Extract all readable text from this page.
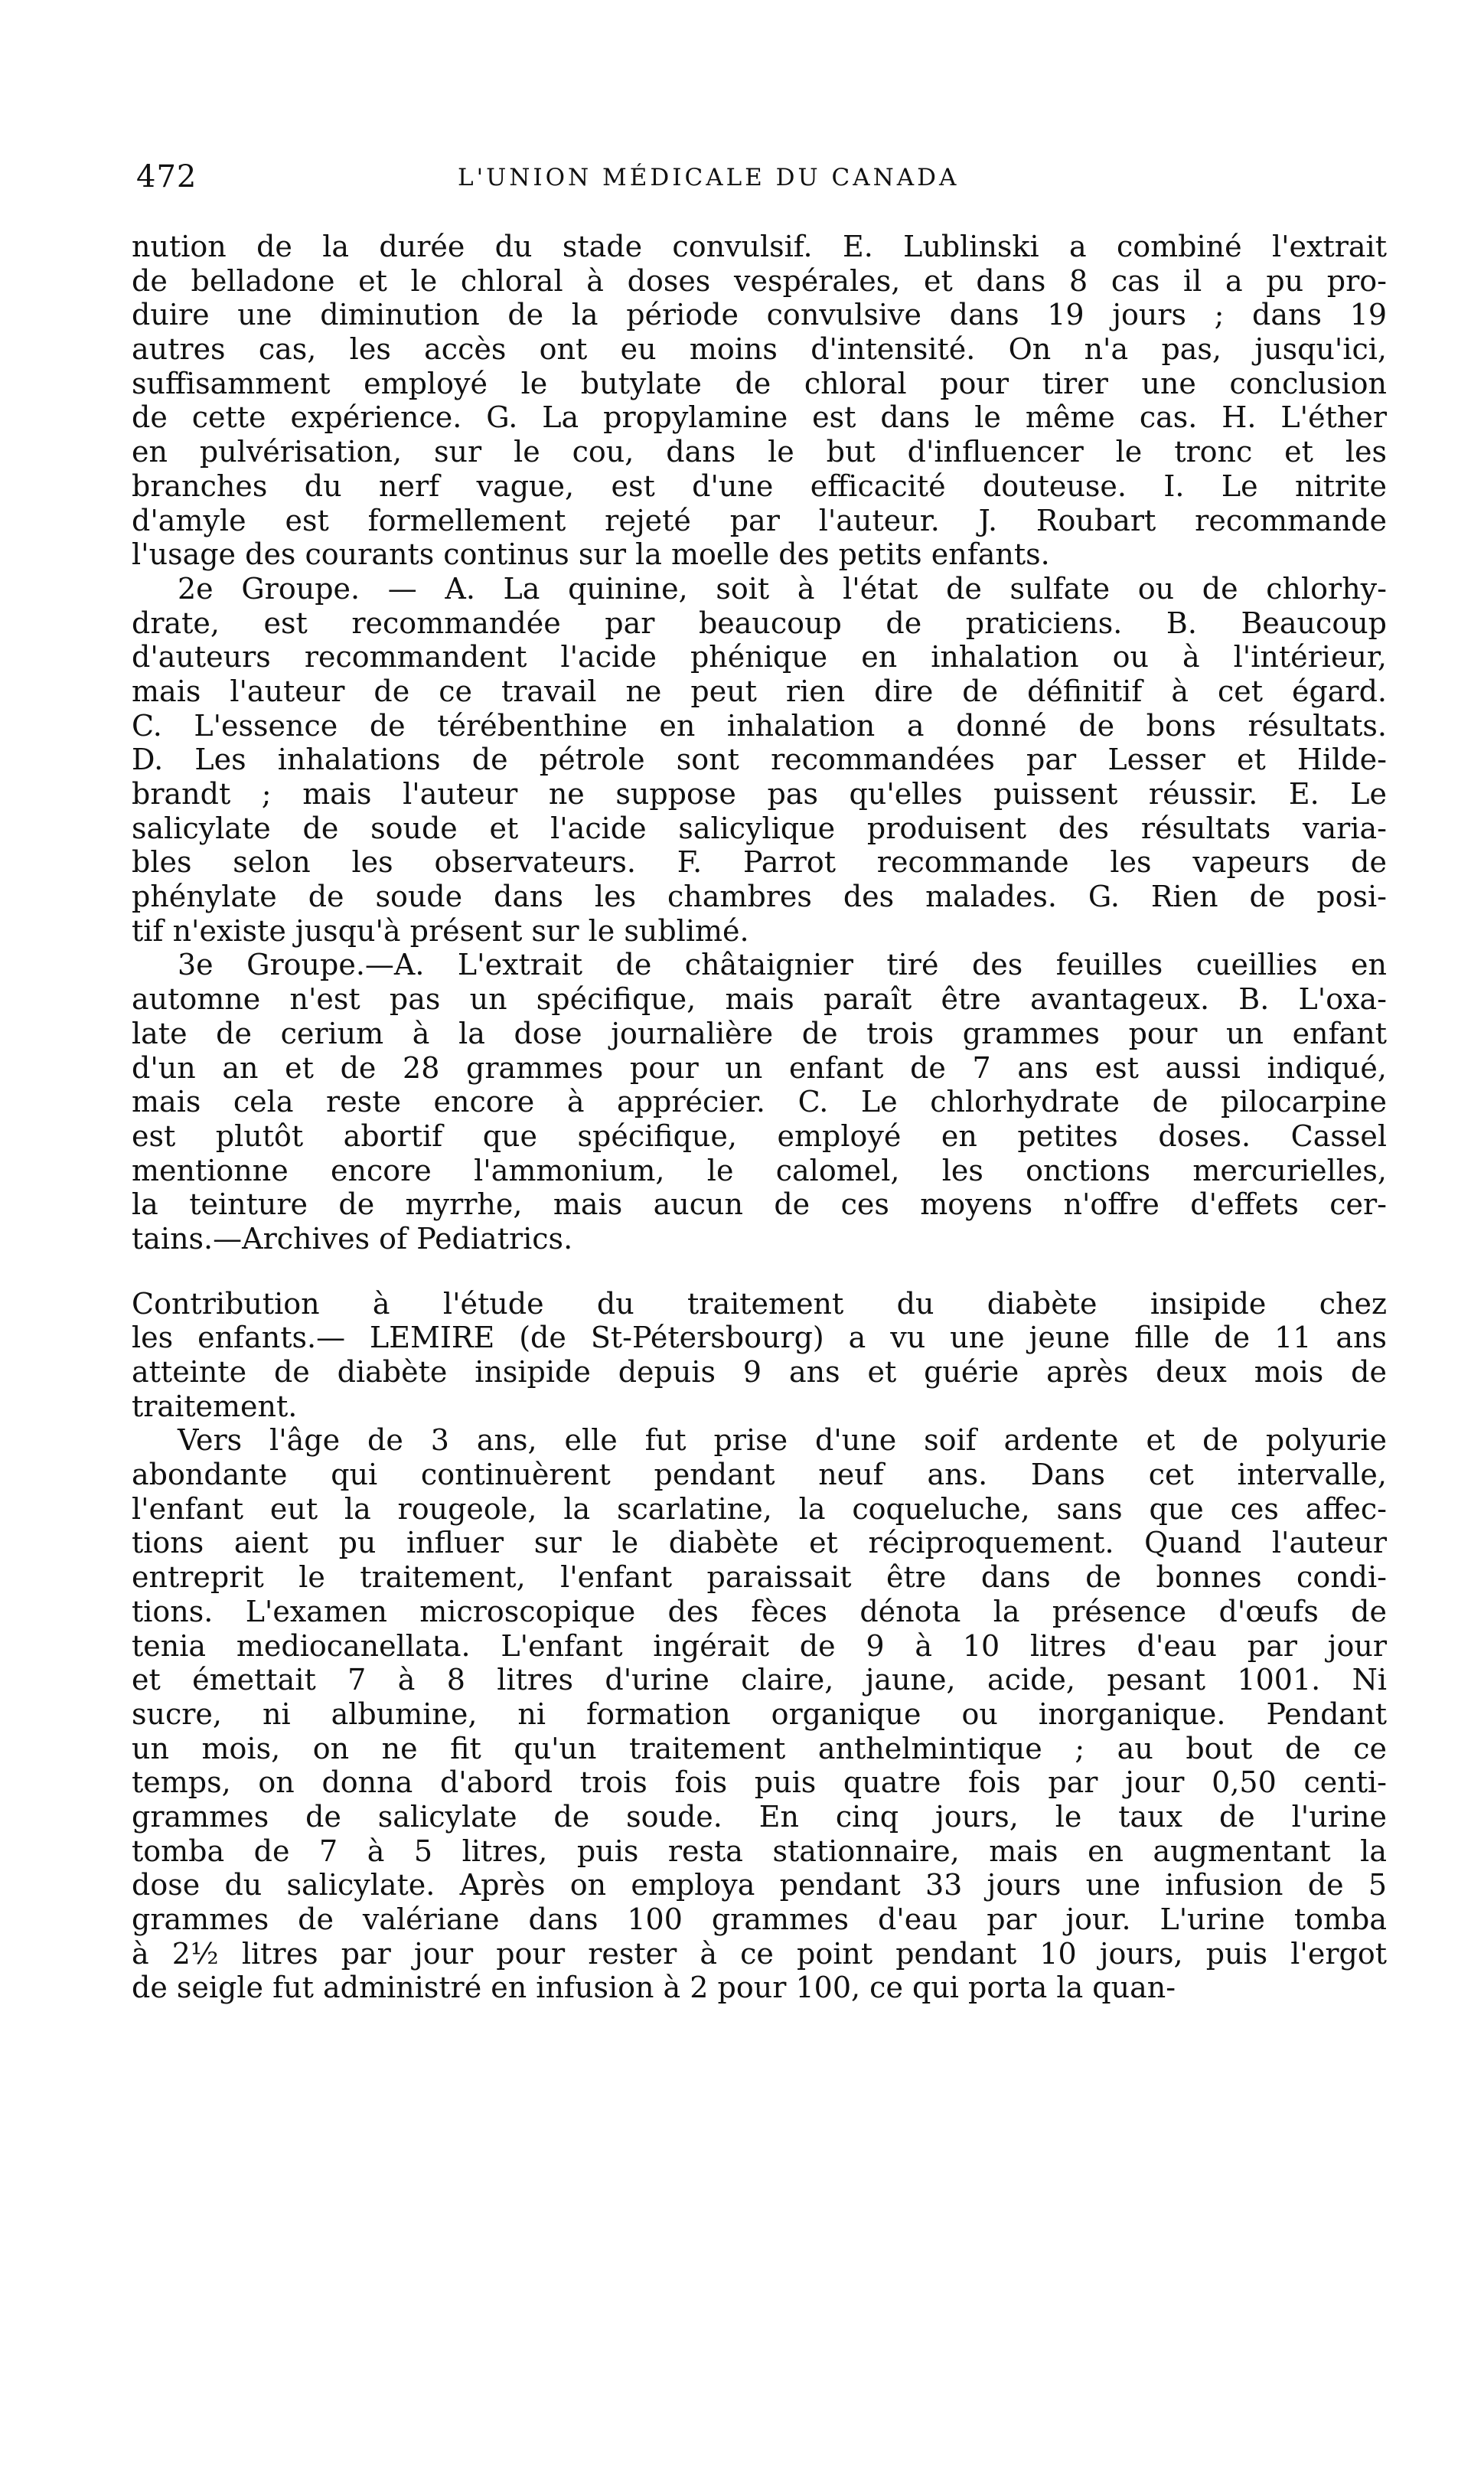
472	L'UNION MÉDICALE DU CANADA
nution de la durée du stade convulsif. E. Lublinski a combiné l'extrait
de belladone et le chloral à doses vespérales, et dans 8 cas il a pu pro-
duire une diminution de la période convulsive dans 19 jours ; dans 19
autres cas, les accès ont eu moins d'intensité. On n'a pas, jusqu'ici,
suffisamment employé le butylate de chloral pour tirer une conclusion
de cette expérience. G. La propylamine est dans le même cas. H. L'éther
en pulvérisation, sur le cou, dans le but d'influencer le tronc et les
branches du nerf vague, est d'une efficacité douteuse. I. Le nitrite
d'amyle est formellement rejeté par l'auteur. J. Roubart recommande
l'usage des courants continus sur la moelle des petits enfants.
2e Groupe. — A. La quinine, soit à l'état de sulfate ou de chlorhy-
drate, est recommandée par beaucoup de praticiens. B. Beaucoup
d'auteurs recommandent l'acide phénique en inhalation ou à l'intérieur,
mais l'auteur de ce travail ne peut rien dire de définitif à cet égard.
C. L'essence de térébenthine en inhalation a donné de bons résultats.
D. Les inhalations de pétrole sont recommandées par Lesser et Hilde-
brandt ; mais l'auteur ne suppose pas qu'elles puissent réussir. E. Le
salicylate de soude et l'acide salicylique produisent des résultats varia-
bles selon les observateurs. F. Parrot recommande les vapeurs de
phénylate de soude dans les chambres des malades. G. Rien de posi-
tif n'existe jusqu'à présent sur le sublimé.
3e Groupe.—A. L'extrait de châtaignier tiré des feuilles cueillies en
automne n'est pas un spécifique, mais paraît être avantageux. B. L'oxa-
late de cerium à la dose journalière de trois grammes pour un enfant
d'un an et de 28 grammes pour un enfant de 7 ans est aussi indiqué,
mais cela reste encore à apprécier. C. Le chlorhydrate de pilocarpine
est plutôt abortif que spécifique, employé en petites doses. Cassel
mentionne encore l'ammonium, le calomel, les onctions mercurielles,
la teinture de myrrhe, mais aucun de ces moyens n'offre d'effets cer-
tains.—Archives of Pediatrics.
Contribution à l'étude du traitement du diabète insipide chez
les enfants.— LEMIRE (de St-Pétersbourg) a vu une jeune fille de 11 ans
atteinte de diabète insipide depuis 9 ans et guérie après deux mois de
traitement.
Vers l'âge de 3 ans, elle fut prise d'une soif ardente et de polyurie
abondante qui continuèrent pendant neuf ans. Dans cet intervalle,
l'enfant eut la rougeole, la scarlatine, la coqueluche, sans que ces affec-
tions aient pu influer sur le diabète et réciproquement. Quand l'auteur
entreprit le traitement, l'enfant paraissait être dans de bonnes condi-
tions. L'examen microscopique des fèces dénota la présence d'œufs de
tenia mediocanellata. L'enfant ingérait de 9 à 10 litres d'eau par jour
et émettait 7 à 8 litres d'urine claire, jaune, acide, pesant 1001. Ni
sucre, ni albumine, ni formation organique ou inorganique. Pendant
un mois, on ne fit qu'un traitement anthelmintique ; au bout de ce
temps, on donna d'abord trois fois puis quatre fois par jour 0,50 centi-
grammes de salicylate de soude. En cinq jours, le taux de l'urine
tomba de 7 à 5 litres, puis resta stationnaire, mais en augmentant la
dose du salicylate. Après on employa pendant 33 jours une infusion de 5
grammes de valériane dans 100 grammes d'eau par jour. L'urine tomba
à 2½ litres par jour pour rester à ce point pendant 10 jours, puis l'ergot
de seigle fut administré en infusion à 2 pour 100, ce qui porta la quan-
